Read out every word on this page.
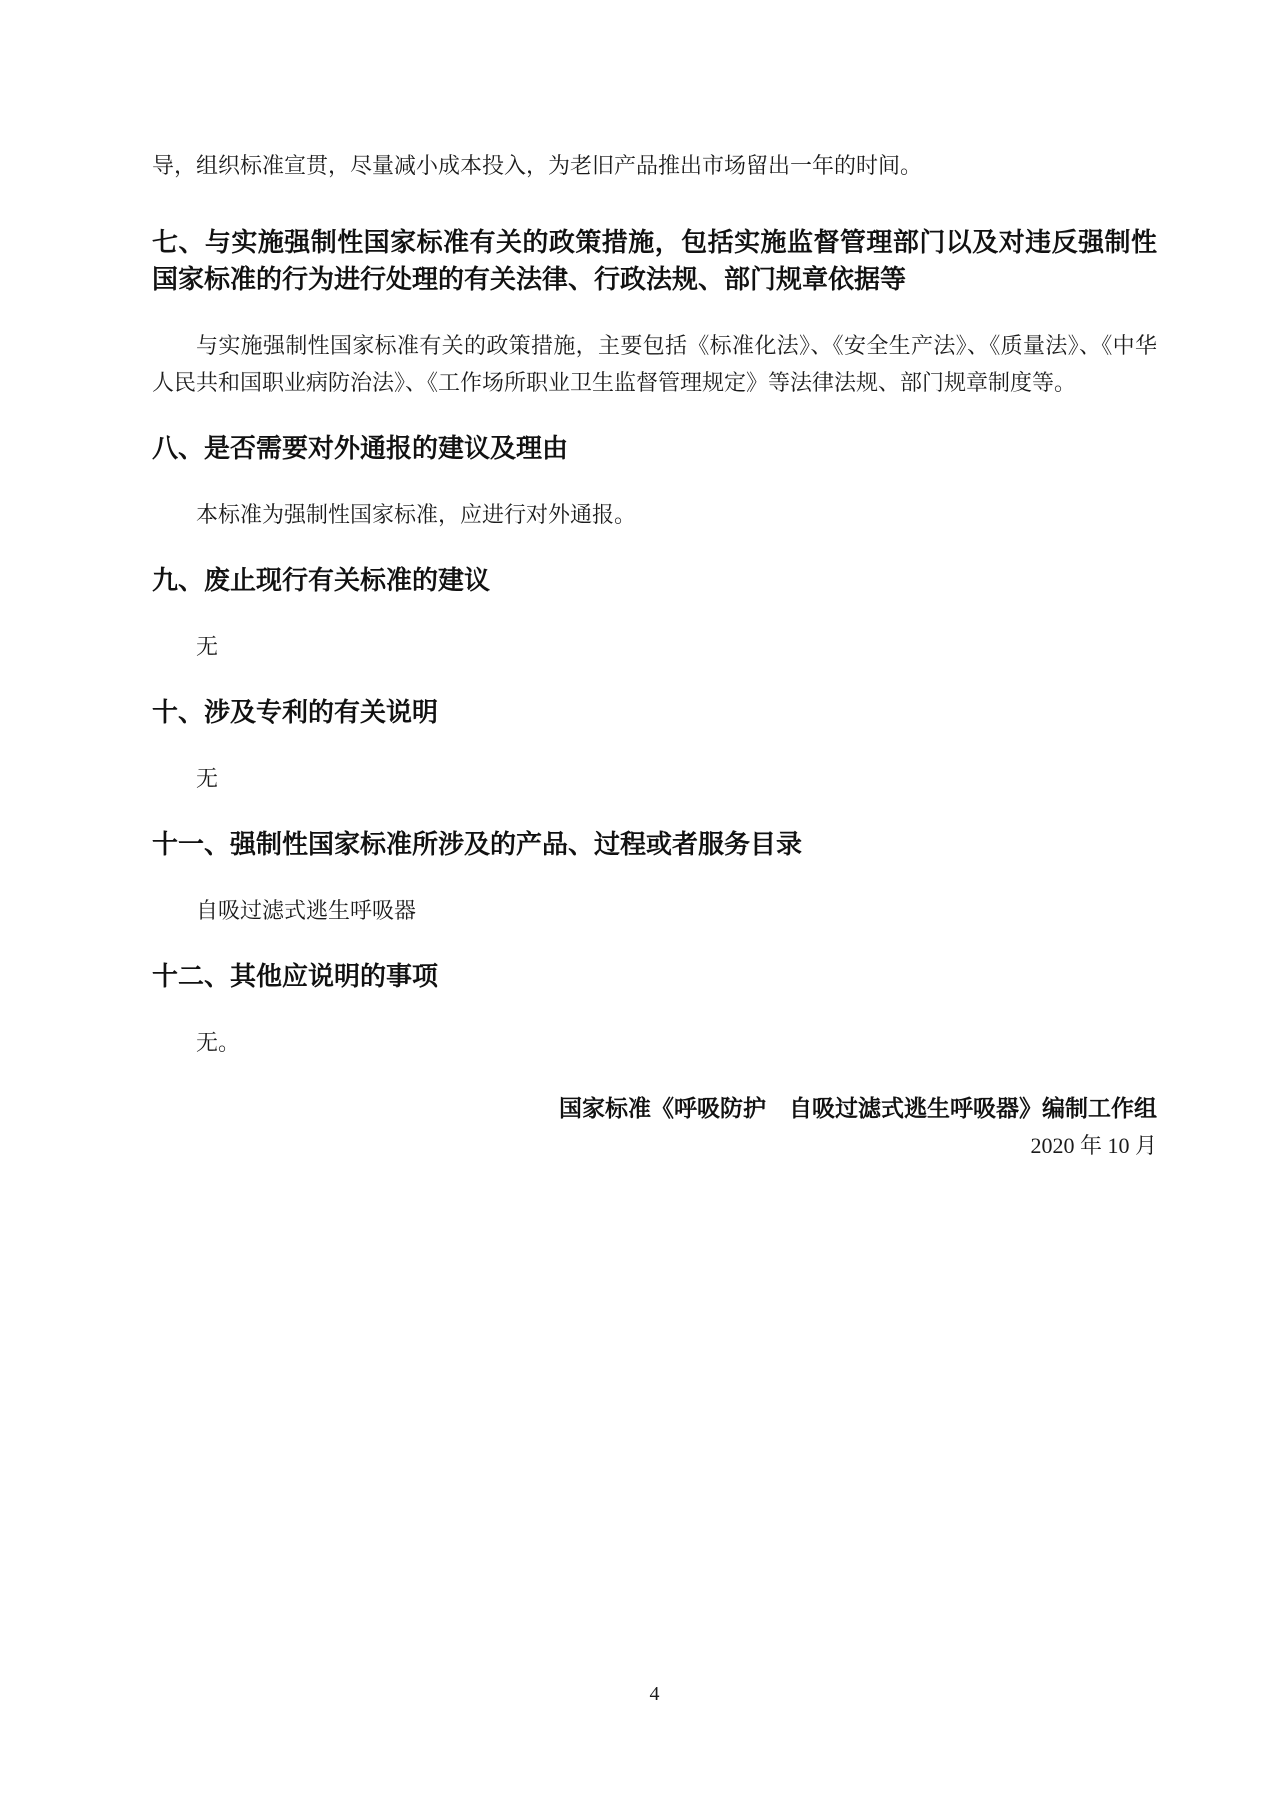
导，组织标准宣贯，尽量减小成本投入，为老旧产品推出市场留出一年的时间。
七、与实施强制性国家标准有关的政策措施，包括实施监督管理部门以及对违反强制性国家标准的行为进行处理的有关法律、行政法规、部门规章依据等
与实施强制性国家标准有关的政策措施，主要包括《标准化法》、《安全生产法》、《质量法》、《中华人民共和国职业病防治法》、《工作场所职业卫生监督管理规定》等法律法规、部门规章制度等。
八、是否需要对外通报的建议及理由
本标准为强制性国家标准，应进行对外通报。
九、废止现行有关标准的建议
无
十、涉及专利的有关说明
无
十一、强制性国家标准所涉及的产品、过程或者服务目录
自吸过滤式逃生呼吸器
十二、其他应说明的事项
无。
国家标准《呼吸防护　自吸过滤式逃生呼吸器》编制工作组
2020 年 10 月
4
